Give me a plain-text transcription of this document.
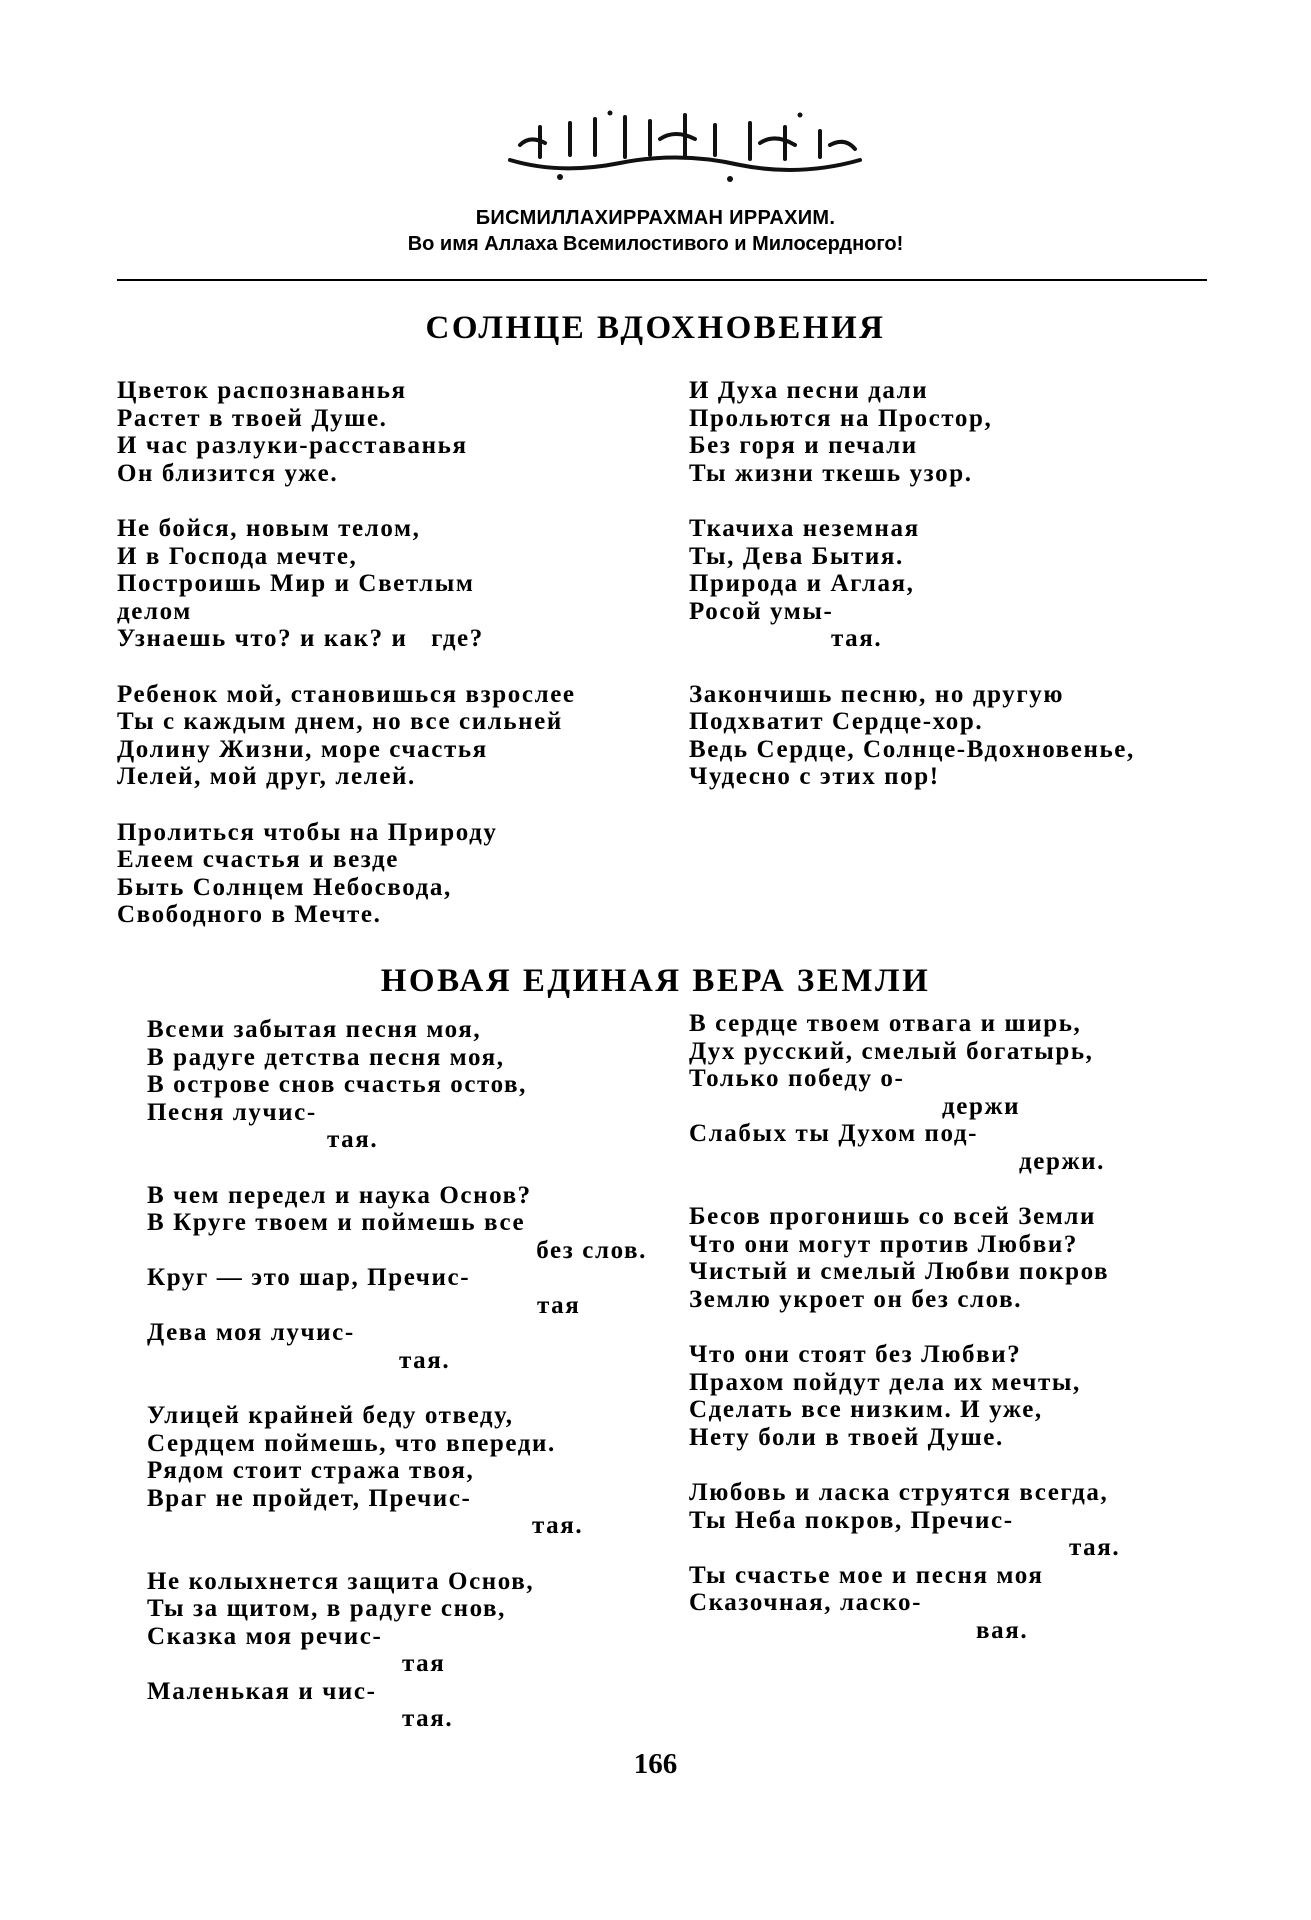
БИСМИЛЛАХИРРАХМАН ИРРАХИМ.
Во имя Аллаха Всемилостивого и Милосердного!
СОЛНЦЕ ВДОХНОВЕНИЯ
Цветок распознаванья
Растет в твоей Душе.
И час разлуки-расставанья
Он близится уже.
Не бойся, новым телом,
И в Господа мечте,
Построишь Мир и Светлым
делом
Узнаешь что? и как? и   где?
Ребенок мой, становишься взрослее
Ты с каждым днем, но все сильней
Долину Жизни, море счастья
Лелей, мой друг, лелей.
Пролиться чтобы на Природу
Елеем счастья и везде
Быть Солнцем Небосвода,
Свободного в Мечте.
И Духа песни дали
Прольются на Простор,
Без горя и печали
Ты жизни ткешь узор.
Ткачиха неземная
Ты, Дева Бытия.
Природа и Аглая,
Росой умы-
тая.
Закончишь песню, но другую
Подхватит Сердце-хор.
Ведь Сердце, Солнце-Вдохновенье,
Чудесно с этих пор!
НОВАЯ ЕДИНАЯ ВЕРА ЗЕМЛИ
Всеми забытая песня моя,
В радуге детства песня моя,
В острове снов счастья остов,
Песня лучис-
тая.
В чем передел и наука Основ?
В Круге твоем и поймешь все
без слов.
Круг — это шар, Пречис-
тая
Дева моя лучис-
тая.
Улицей крайней беду отведу,
Сердцем поймешь, что впереди.
Рядом стоит стража твоя,
Враг не пройдет, Пречис-
тая.
Не колыхнется защита Основ,
Ты за щитом, в радуге снов,
Сказка моя речис-
тая
Маленькая и чис-
тая.
В сердце твоем отвага и ширь,
Дух русский, смелый богатырь,
Только победу о-
держи
Слабых ты Духом под-
держи.
Бесов прогонишь со всей Земли
Что они могут против Любви?
Чистый и смелый Любви покров
Землю укроет он без слов.
Что они стоят без Любви?
Прахом пойдут дела их мечты,
Сделать все низким. И уже,
Нету боли в твоей Душе.
Любовь и ласка струятся всегда,
Ты Неба покров, Пречис-
тая.
Ты счастье мое и песня моя
Сказочная, ласко-
вая.
166
